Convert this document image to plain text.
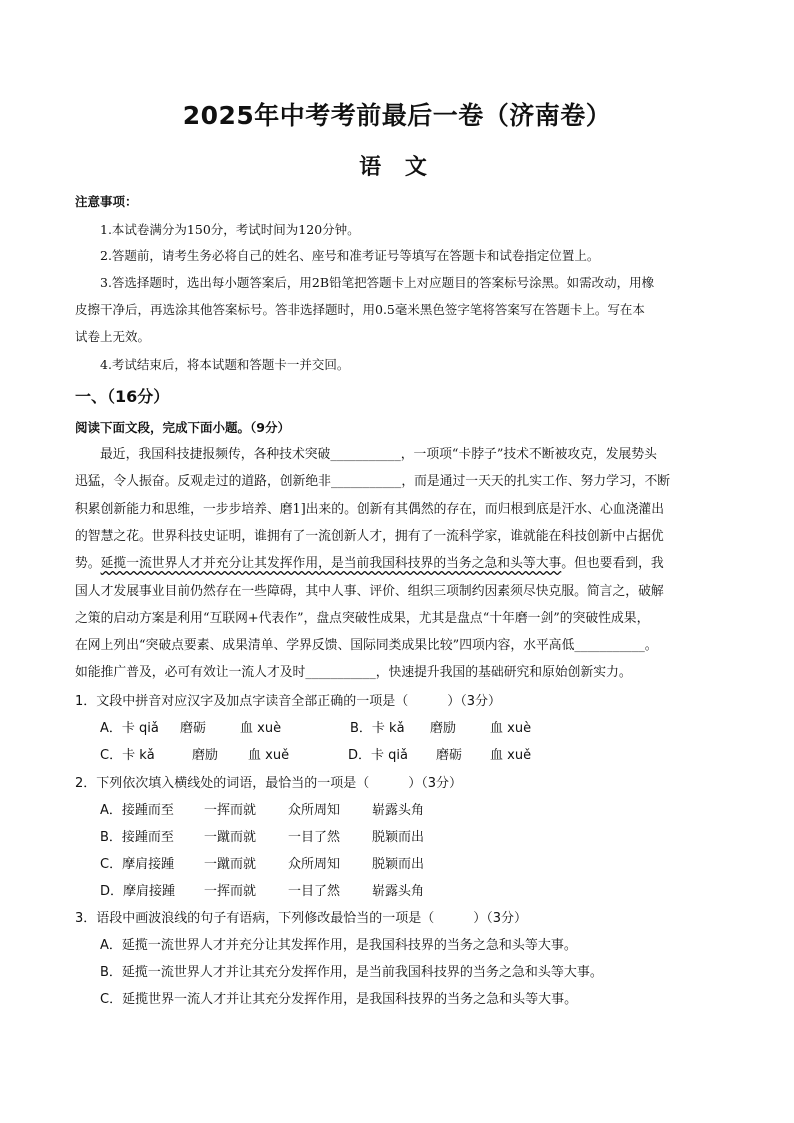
2025年中考考前最后一卷（济南卷）
语 文
注意事项：
1.本试卷满分为150分，考试时间为120分钟。
2.答题前，请考生务必将自己的姓名、座号和准考证号等填写在答题卡和试卷指定位置上。
3.答选择题时，选出每小题答案后，用2B铅笔把答题卡上对应题目的答案标号涂黑。如需改动，用橡
皮擦干净后，再选涂其他答案标号。答非选择题时，用0.5毫米黑色签字笔将答案写在答题卡上。写在本
试卷上无效。
4.考试结束后，将本试题和答题卡一并交回。
一、（16分）
阅读下面文段，完成下面小题。（9分）
最近，我国科技捷报频传，各种技术突破___________，一项项“卡脖子”技术不断被攻克，发展势头
迅猛，令人振奋。反观走过的道路，创新绝非___________，而是通过一天天的扎实工作、努力学习，不断
积累创新能力和思维，一步步培养、磨1]出来的。创新有其偶然的存在，而归根到底是汗水、心血浇灌出
的智慧之花。世界科技史证明，谁拥有了一流创新人才，拥有了一流科学家，谁就能在科技创新中占据优
势。延揽一流世界人才并充分让其发挥作用，是当前我国科技界的当务之急和头等大事。但也要看到，我
国人才发展事业目前仍然存在一些障碍，其中人事、评价、组织三项制约因素须尽快克服。简言之，破解
之策的启动方案是利用“互联网+代表作”，盘点突破性成果，尤其是盘点“十年磨一剑”的突破性成果，
在网上列出“突破点要素、成果清单、学界反馈、国际同类成果比较”四项内容，水平高低___________。
如能推广普及，必可有效让一流人才及时___________，快速提升我国的基础研究和原始创新实力。
1．文段中拼音对应汉字及加点字读音全部正确的一项是（　　　）（3分）
A．卡 qiǎ 磨砺	血 xuè	B．卡 kǎ 磨励	血 xuè
C．卡 kǎ	磨励 血 xuě	D．卡 qiǎ 磨砺 血 xuě
2．下列依次填入横线处的词语，最恰当的一项是（　　　）（3分）
A．接踵而至 一挥而就 众所周知 崭露头角
B．接踵而至 一蹴而就 一目了然 脱颖而出
C．摩肩接踵 一蹴而就 众所周知 脱颖而出
D．摩肩接踵 一挥而就 一目了然 崭露头角
3．语段中画波浪线的句子有语病，下列修改最恰当的一项是（　　　）（3分）
A．延揽一流世界人才并充分让其发挥作用，是我国科技界的当务之急和头等大事。
B．延揽一流世界人才并让其充分发挥作用，是当前我国科技界的当务之急和头等大事。
C．延揽世界一流人才并让其充分发挥作用，是我国科技界的当务之急和头等大事。
